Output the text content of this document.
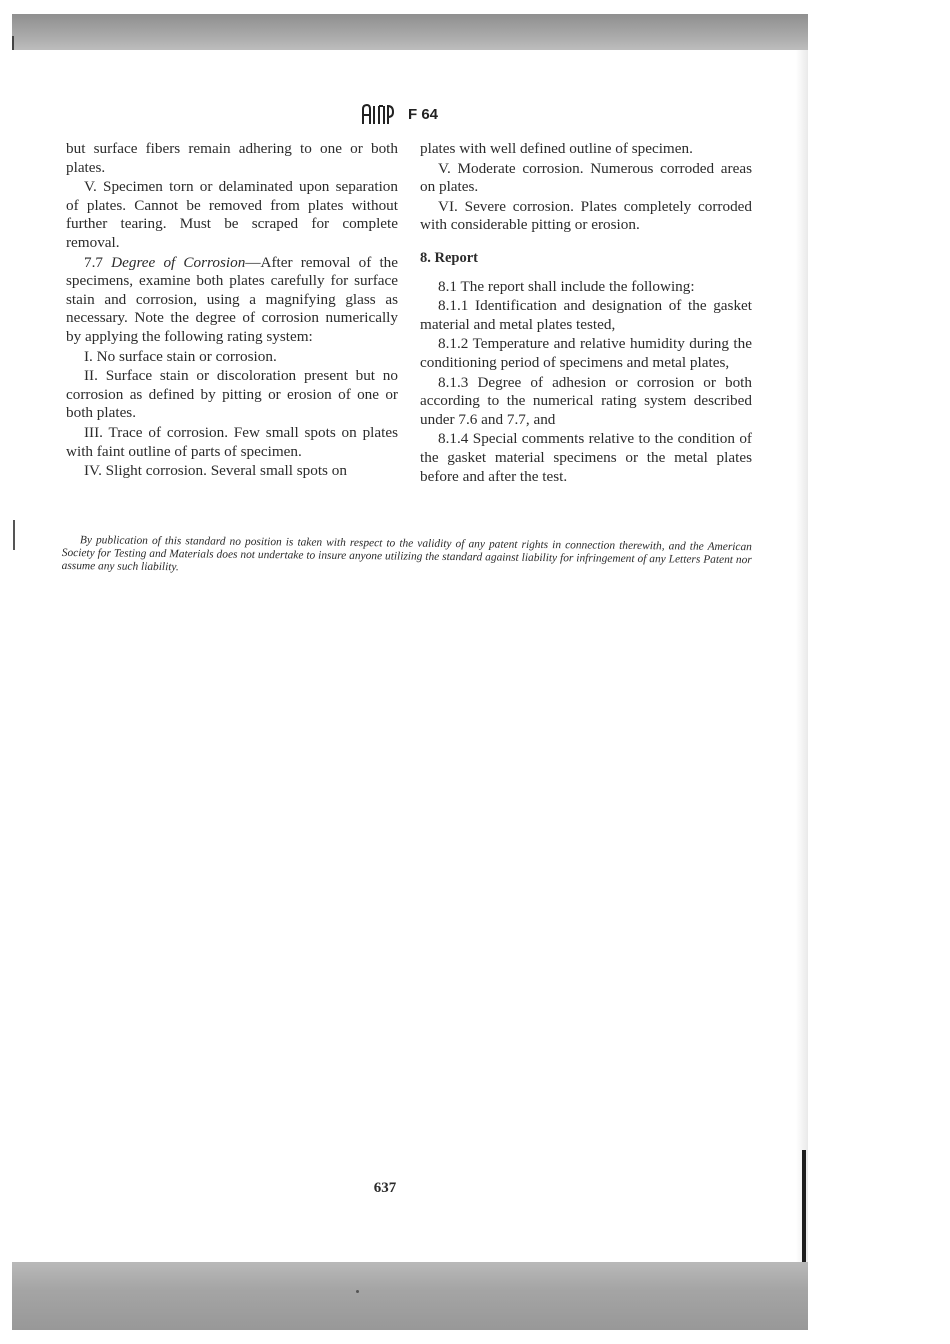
F 64

but surface fibers remain adhering to one or both plates.

V. Specimen torn or delaminated upon separation of plates. Cannot be removed from plates without further tearing. Must be scraped for complete removal.

7.7 Degree of Corrosion—After removal of the specimens, examine both plates carefully for surface stain and corrosion, using a magnifying glass as necessary. Note the degree of corrosion numerically by applying the following rating system:

I. No surface stain or corrosion.

II. Surface stain or discoloration present but no corrosion as defined by pitting or erosion of one or both plates.

III. Trace of corrosion. Few small spots on plates with faint outline of parts of specimen.

IV. Slight corrosion. Several small spots on

plates with well defined outline of specimen.

V. Moderate corrosion. Numerous corroded areas on plates.

VI. Severe corrosion. Plates completely corroded with considerable pitting or erosion.

8. Report

8.1 The report shall include the following:

8.1.1 Identification and designation of the gasket material and metal plates tested,

8.1.2 Temperature and relative humidity during the conditioning period of specimens and metal plates,

8.1.3 Degree of adhesion or corrosion or both according to the numerical rating system described under 7.6 and 7.7, and

8.1.4 Special comments relative to the condition of the gasket material specimens or the metal plates before and after the test.

By publication of this standard no position is taken with respect to the validity of any patent rights in connection therewith, and the American Society for Testing and Materials does not undertake to insure anyone utilizing the standard against liability for infringement of any Letters Patent nor assume any such liability.
637
